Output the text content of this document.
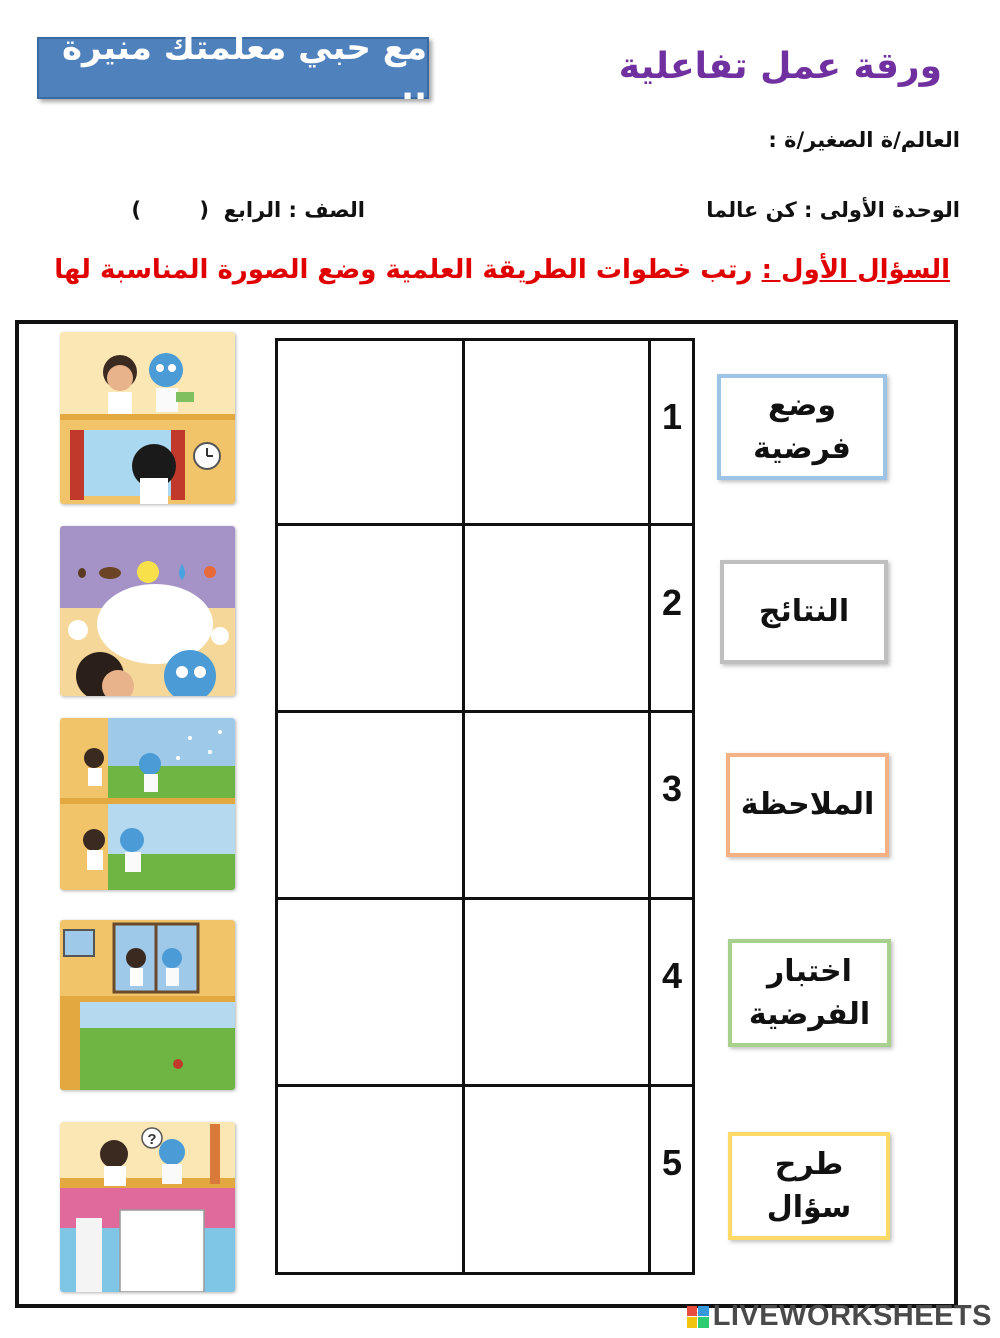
مع حبي معلمتك منيرة ..
ورقة عمل تفاعلية
العالم/ة الصغير/ة :
الوحدة الأولى : كن عالما
الصف : الرابع  (        )
السؤال الأول : رتب خطوات الطريقة العلمية وضع الصورة المناسبة لها
1
2
3
4
5
وضع
فرضية
النتائج
الملاحظة
اختبار
الفرضية
طرح
سؤال
?
LIVEWORKSHEETS
